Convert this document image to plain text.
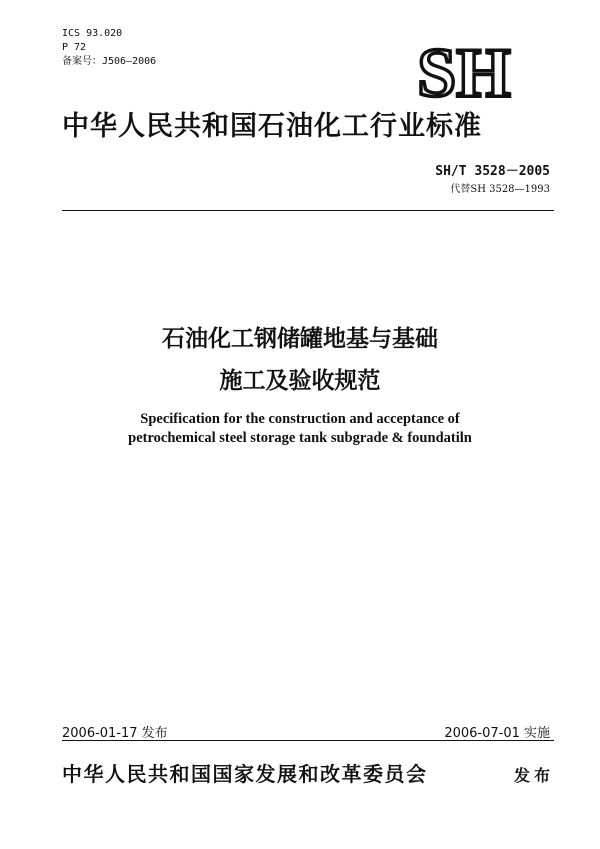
ICS 93.020
P 72
备案号：J506—2006	SH
中华人民共和国石油化工行业标准
SH/T 3528－2005
代替SH 3528—1993
石油化工钢储罐地基与基础
施工及验收规范
Specification for the construction and acceptance of
petrochemical steel storage tank subgrade & foundatiln
2006-01-17 发布	2006-07-01 实施
中华人民共和国国家发展和改革委员会	发布
